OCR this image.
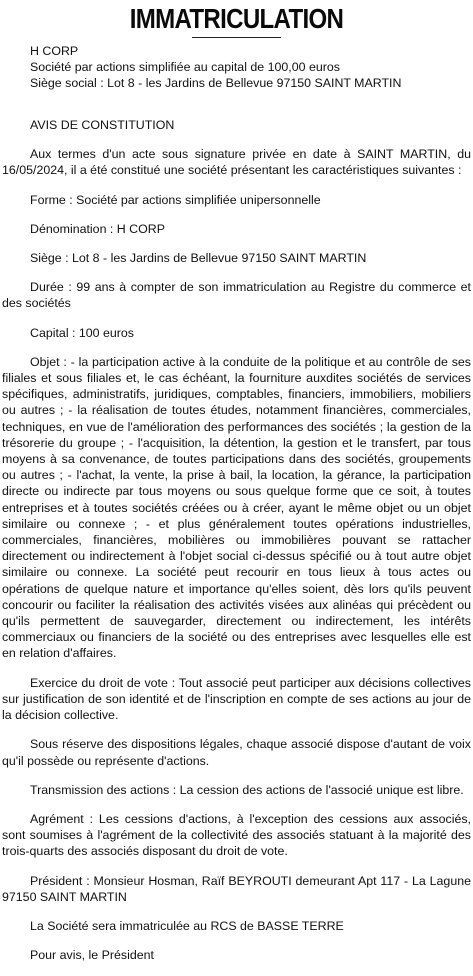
IMMATRICULATION
H CORP
Société par actions simplifiée au capital de 100,00 euros
Siège social : Lot 8 - les Jardins de Bellevue 97150 SAINT MARTIN

AVIS DE CONSTITUTION

Aux termes d'un acte sous signature privée en date à SAINT MARTIN, du 16/05/2024, il a été constitué une société présentant les caractéristiques suivantes :

Forme : Société par actions simplifiée unipersonnelle

Dénomination : H CORP

Siège : Lot 8 - les Jardins de Bellevue 97150 SAINT MARTIN

Durée : 99 ans à compter de son immatriculation au Registre du commerce et des sociétés

Capital : 100 euros

Objet : - la participation active à la conduite de la politique et au contrôle de ses filiales et sous filiales et, le cas échéant, la fourniture auxdites sociétés de services spécifiques, administratifs, juridiques, comptables, financiers, immobiliers, mobiliers ou autres ; - la réalisation de toutes études, notamment financières, commerciales, techniques, en vue de l'amélioration des performances des sociétés ; la gestion de la trésorerie du groupe ; - l'acquisition, la détention, la gestion et le transfert, par tous moyens à sa convenance, de toutes participations dans des sociétés, groupements ou autres ; - l'achat, la vente, la prise à bail, la location, la gérance, la participation directe ou indirecte par tous moyens ou sous quelque forme que ce soit, à toutes entreprises et à toutes sociétés créées ou à créer, ayant le même objet ou un objet similaire ou connexe ; - et plus généralement toutes opérations industrielles, commerciales, financières, mobilières ou immobilières pouvant se rattacher directement ou indirectement à l'objet social ci-dessus spécifié ou à tout autre objet similaire ou connexe. La société peut recourir en tous lieux à tous actes ou opérations de quelque nature et importance qu'elles soient, dès lors qu'ils peuvent concourir ou faciliter la réalisation des activités visées aux alinéas qui précèdent ou qu'ils permettent de sauvegarder, directement ou indirectement, les intérêts commerciaux ou financiers de la société ou des entreprises avec lesquelles elle est en relation d'affaires.

Exercice du droit de vote : Tout associé peut participer aux décisions collectives sur justification de son identité et de l'inscription en compte de ses actions au jour de la décision collective.

Sous réserve des dispositions légales, chaque associé dispose d'autant de voix qu'il possède ou représente d'actions.

Transmission des actions : La cession des actions de l'associé unique est libre.

Agrément : Les cessions d'actions, à l'exception des cessions aux associés, sont soumises à l'agrément de la collectivité des associés statuant à la majorité des trois-quarts des associés disposant du droit de vote.

Président : Monsieur Hosman, Raïf BEYROUTI demeurant Apt 117 - La Lagune 97150 SAINT MARTIN

La Société sera immatriculée au RCS de BASSE TERRE

Pour avis, le Président
